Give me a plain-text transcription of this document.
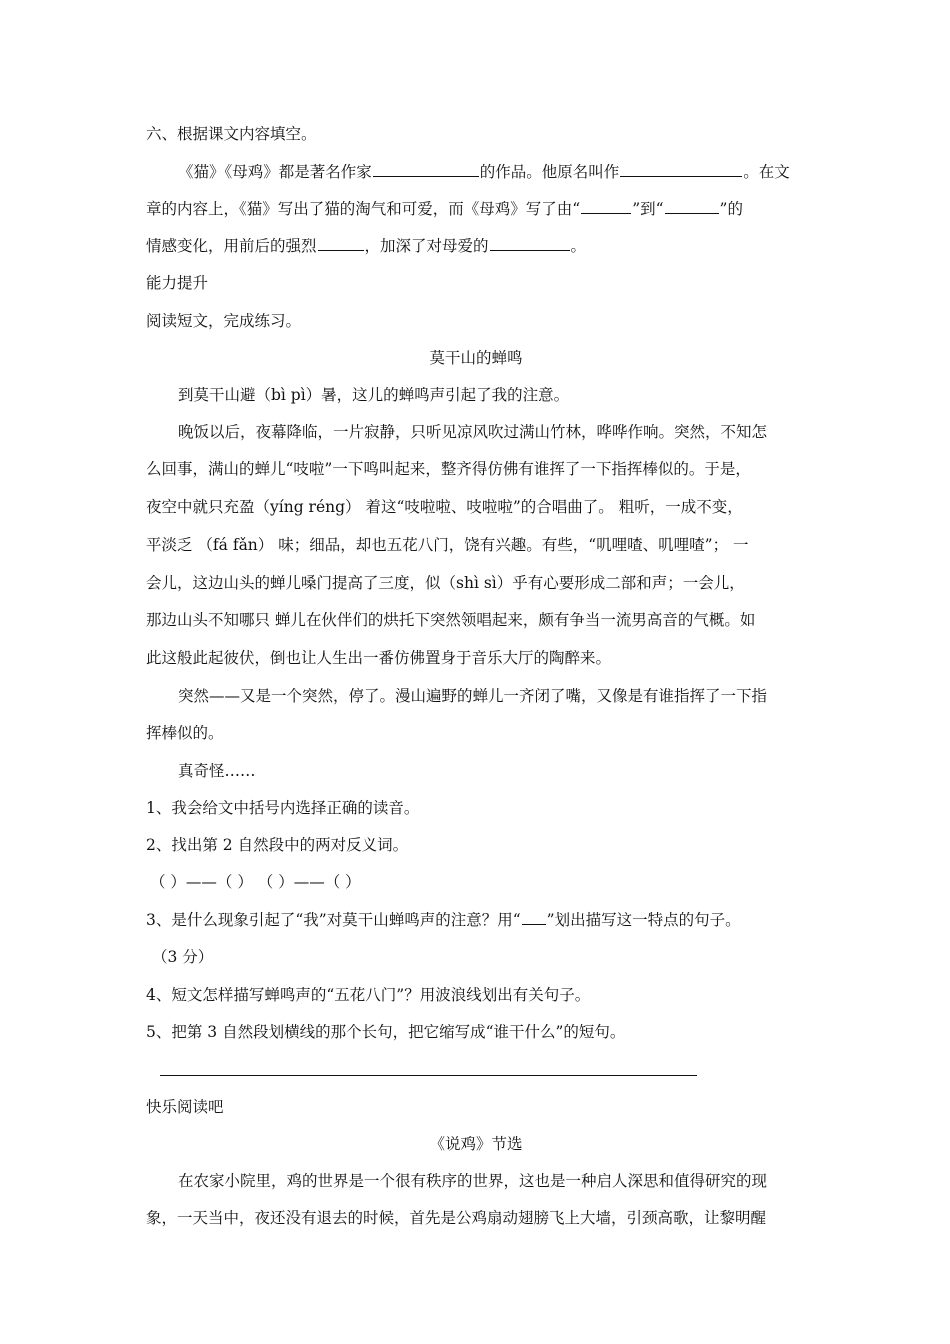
六、根据课文内容填空。
《猫》《母鸡》都是著名作家	的作品。他原名叫作	。在文
章的内容上，《猫》写出了猫的淘气和可爱，而《母鸡》写了由“	”到“	”的
情感变化，用前后的强烈	，加深了对母爱的	。
能力提升
阅读短文，完成练习。
莫干山的蝉鸣
到莫干山避（bì pì）暑，这儿的蝉鸣声引起了我的注意。
晚饭以后，夜幕降临，一片寂静，只听见凉风吹过满山竹林，哗哗作响。突然，不知怎
么回事，满山的蝉儿“吱啦”一下鸣叫起来，整齐得仿佛有谁挥了一下指挥棒似的。于是，
夜空中就只充盈（yíng réng） 着这“吱啦啦、吱啦啦”的合唱曲了。 粗听，一成不变，
平淡乏 （fá fǎn） 味；细品，却也五花八门，饶有兴趣。有些，“叽哩喳、叽哩喳”； 一
会儿，这边山头的蝉儿嗓门提高了三度，似（shì sì）乎有心要形成二部和声；一会儿，
那边山头不知哪只 蝉儿在伙伴们的烘托下突然领唱起来，颇有争当一流男高音的气概。如
此这般此起彼伏，倒也让人生出一番仿佛置身于音乐大厅的陶醉来。
突然——又是一个突然，停了。漫山遍野的蝉儿一齐闭了嘴，又像是有谁指挥了一下指
挥棒似的。
真奇怪……
1、我会给文中括号内选择正确的读音。
2、找出第 2 自然段中的两对反义词。
（ ）——（ ） （ ）——（ ）
3、是什么现象引起了“我”对莫干山蝉鸣声的注意？用“ ”划出描写这一特点的句子。
（3 分）
4、短文怎样描写蝉鸣声的“五花八门”？用波浪线划出有关句子。
5、把第 3 自然段划横线的那个长句，把它缩写成“谁干什么”的短句。
快乐阅读吧
《说鸡》节选
在农家小院里，鸡的世界是一个很有秩序的世界，这也是一种启人深思和值得研究的现
象，一天当中，夜还没有退去的时候，首先是公鸡扇动翅膀飞上大墙，引颈高歌，让黎明醒
